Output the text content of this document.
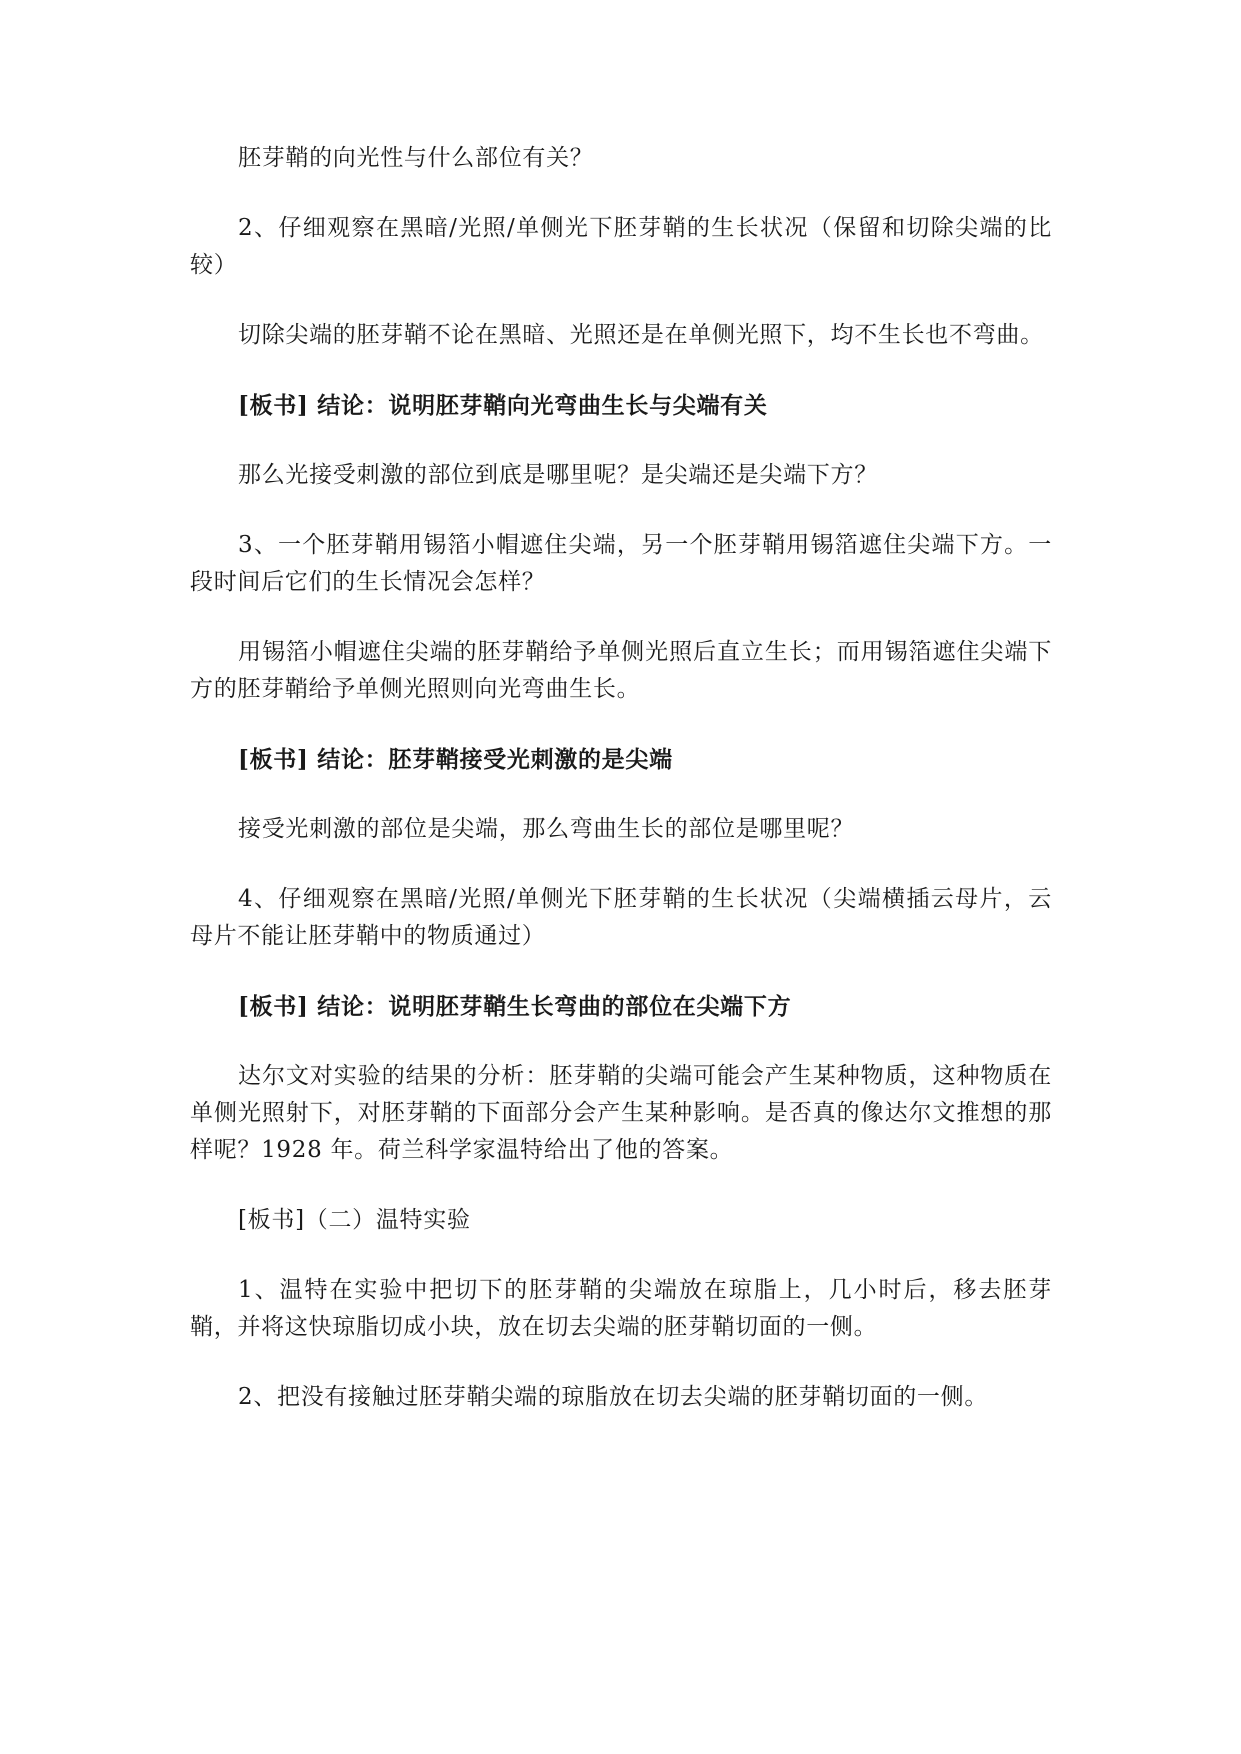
胚芽鞘的向光性与什么部位有关？

2、仔细观察在黑暗/光照/单侧光下胚芽鞘的生长状况（保留和切除尖端的比较）

切除尖端的胚芽鞘不论在黑暗、光照还是在单侧光照下，均不生长也不弯曲。

[板书] 结论：说明胚芽鞘向光弯曲生长与尖端有关

那么光接受刺激的部位到底是哪里呢？是尖端还是尖端下方？

3、一个胚芽鞘用锡箔小帽遮住尖端，另一个胚芽鞘用锡箔遮住尖端下方。一段时间后它们的生长情况会怎样？

用锡箔小帽遮住尖端的胚芽鞘给予单侧光照后直立生长；而用锡箔遮住尖端下方的胚芽鞘给予单侧光照则向光弯曲生长。

[板书] 结论：胚芽鞘接受光刺激的是尖端

接受光刺激的部位是尖端，那么弯曲生长的部位是哪里呢？

4、仔细观察在黑暗/光照/单侧光下胚芽鞘的生长状况（尖端横插云母片，云母片不能让胚芽鞘中的物质通过）

[板书] 结论：说明胚芽鞘生长弯曲的部位在尖端下方

达尔文对实验的结果的分析：胚芽鞘的尖端可能会产生某种物质，这种物质在单侧光照射下，对胚芽鞘的下面部分会产生某种影响。是否真的像达尔文推想的那样呢？1928 年。荷兰科学家温特给出了他的答案。

[板书]（二）温特实验

1、温特在实验中把切下的胚芽鞘的尖端放在琼脂上，几小时后，移去胚芽鞘，并将这快琼脂切成小块，放在切去尖端的胚芽鞘切面的一侧。

2、把没有接触过胚芽鞘尖端的琼脂放在切去尖端的胚芽鞘切面的一侧。
